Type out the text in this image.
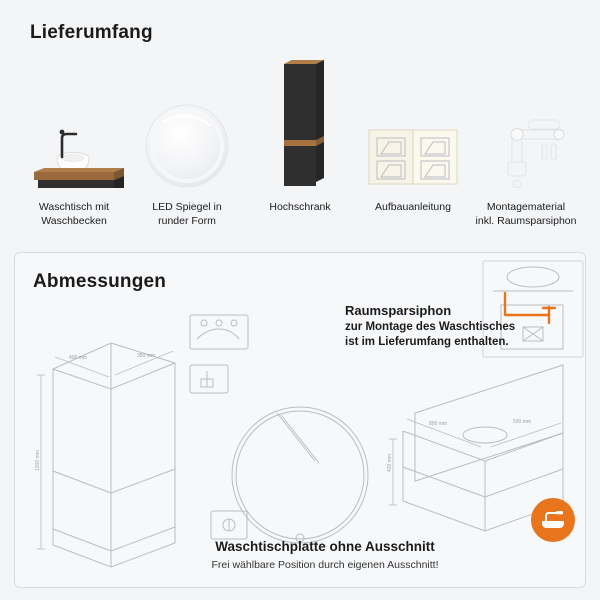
Lieferumfang
Waschtisch mit
Waschbecken
LED Spiegel in
runder Form
Hochschrank	Aufbauanleitung	Montagematerial
inkl. Raumsparsiphon
Abmessungen
400 mm	350 mm
1200 mm
800 mm	500 mm
420 mm
Raumsparsiphon
zur Montage des Waschtisches
ist im Lieferumfang enthalten.
Waschtischplatte ohne Ausschnitt
Frei wählbare Position durch eigenen Ausschnitt!
